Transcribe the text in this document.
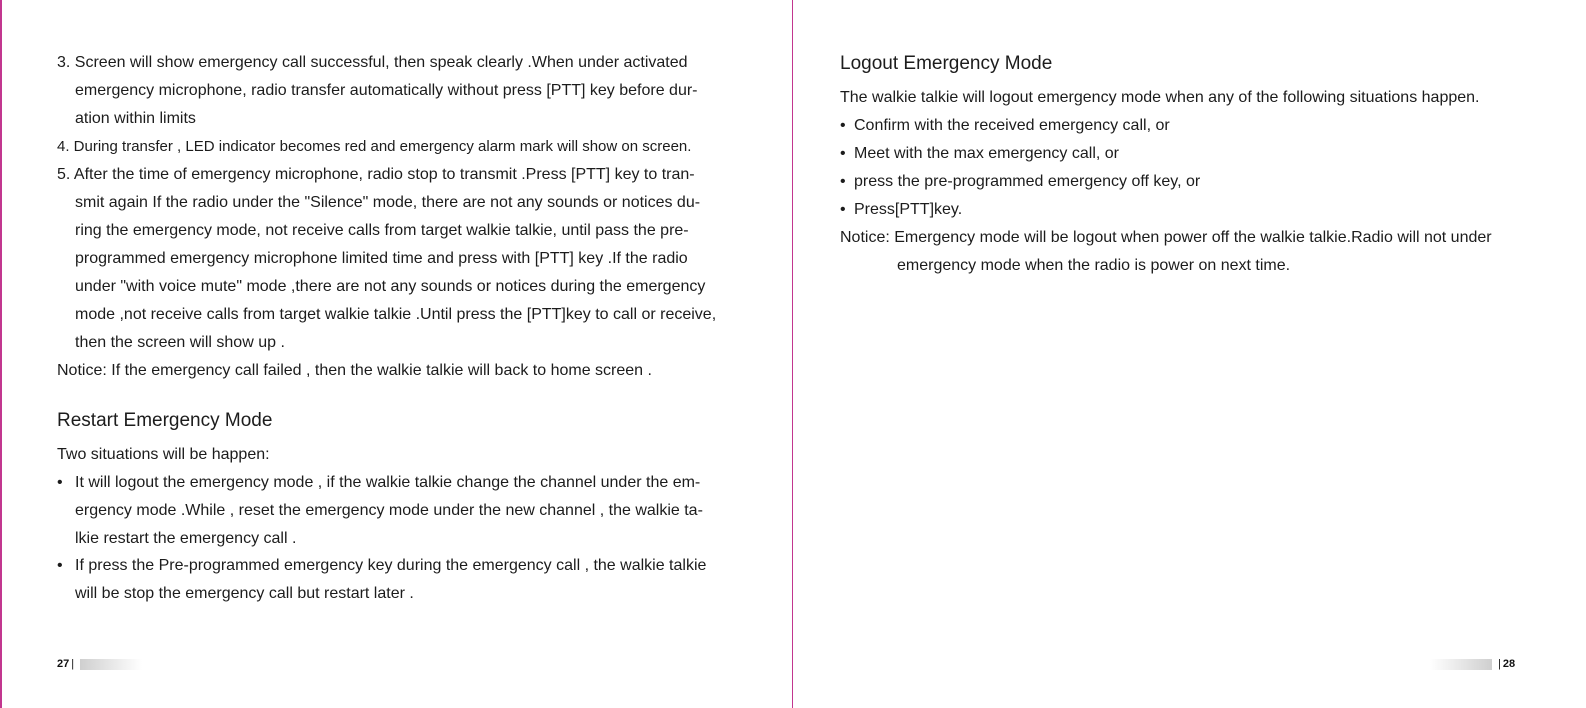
3. Screen will show emergency call successful, then speak clearly .When under activated
emergency microphone, radio transfer automatically without press [PTT] key before dur-
ation within limits
4. During transfer , LED indicator becomes red and emergency alarm mark will show on screen.
5. After the time of emergency microphone, radio stop to transmit .Press [PTT] key to tran-
smit again If the radio under the "Silence" mode, there are not any sounds or notices du-
ring the emergency mode, not receive calls from target walkie talkie, until pass the pre-
programmed emergency microphone limited time and press with [PTT] key .If the radio
under "with voice mute" mode ,there are not any sounds or notices during the emergency
mode ,not receive calls from target walkie talkie .Until press the [PTT]key to call or receive,
then the screen will show up .
Notice: If the emergency call failed , then the walkie talkie will back to home screen .
Restart Emergency Mode
Two situations will be happen:
• It will logout the emergency mode , if the walkie talkie change the channel under the em-
ergency mode .While , reset the emergency mode under the new channel , the walkie ta-
lkie restart the emergency call .
• If press the Pre-programmed emergency key during the emergency call , the walkie talkie
will be stop the emergency call but restart later .
27 |
Logout Emergency Mode
The walkie talkie will logout emergency mode when any of the following situations happen.
• Confirm with the received emergency call, or
• Meet with the max emergency call, or
• press the pre-programmed emergency off key, or
• Press[PTT]key.
Notice: Emergency mode will be logout when power off the walkie talkie.Radio will not under
emergency mode when the radio is power on next time.
| 28
